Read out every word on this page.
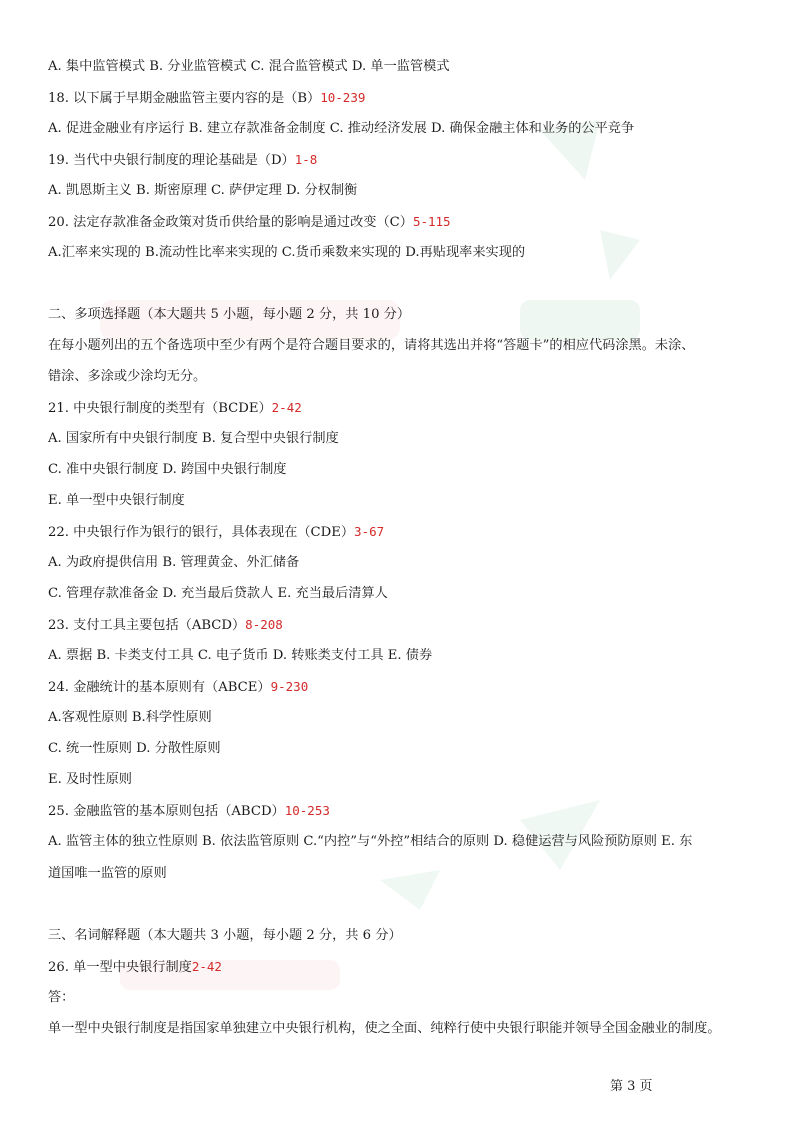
A. 集中监管模式 B. 分业监管模式 C. 混合监管模式 D. 单一监管模式
18. 以下属于早期金融监管主要内容的是（B）10-239
A. 促进金融业有序运行 B. 建立存款准备金制度 C. 推动经济发展 D. 确保金融主体和业务的公平竞争
19. 当代中央银行制度的理论基础是（D）1-8
A. 凯恩斯主义 B. 斯密原理 C. 萨伊定理 D. 分权制衡
20. 法定存款准备金政策对货币供给量的影响是通过改变（C）5-115
A.汇率来实现的 B.流动性比率来实现的 C.货币乘数来实现的 D.再贴现率来实现的
二、多项选择题（本大题共 5 小题，每小题 2 分，共 10 分）
在每小题列出的五个备选项中至少有两个是符合题目要求的，请将其选出并将“答题卡”的相应代码涂黑。未涂、
错涂、多涂或少涂均无分。
21. 中央银行制度的类型有（BCDE）2-42
A. 国家所有中央银行制度 B. 复合型中央银行制度
C. 准中央银行制度 D. 跨国中央银行制度
E. 单一型中央银行制度
22. 中央银行作为银行的银行，具体表现在（CDE）3-67
A. 为政府提供信用 B. 管理黄金、外汇储备
C. 管理存款准备金 D. 充当最后贷款人 E. 充当最后清算人
23. 支付工具主要包括（ABCD）8-208
A. 票据 B. 卡类支付工具 C. 电子货币 D. 转账类支付工具 E. 债券
24. 金融统计的基本原则有（ABCE）9-230
A.客观性原则 B.科学性原则
C. 统一性原则 D. 分散性原则
E. 及时性原则
25. 金融监管的基本原则包括（ABCD）10-253
A. 监管主体的独立性原则 B. 依法监管原则 C.“内控”与“外控”相结合的原则 D. 稳健运营与风险预防原则 E. 东
道国唯一监管的原则
三、名词解释题（本大题共 3 小题，每小题 2 分，共 6 分）
26. 单一型中央银行制度2-42
答：
单一型中央银行制度是指国家单独建立中央银行机构，使之全面、纯粹行使中央银行职能并领导全国金融业的制度。
第 3 页
